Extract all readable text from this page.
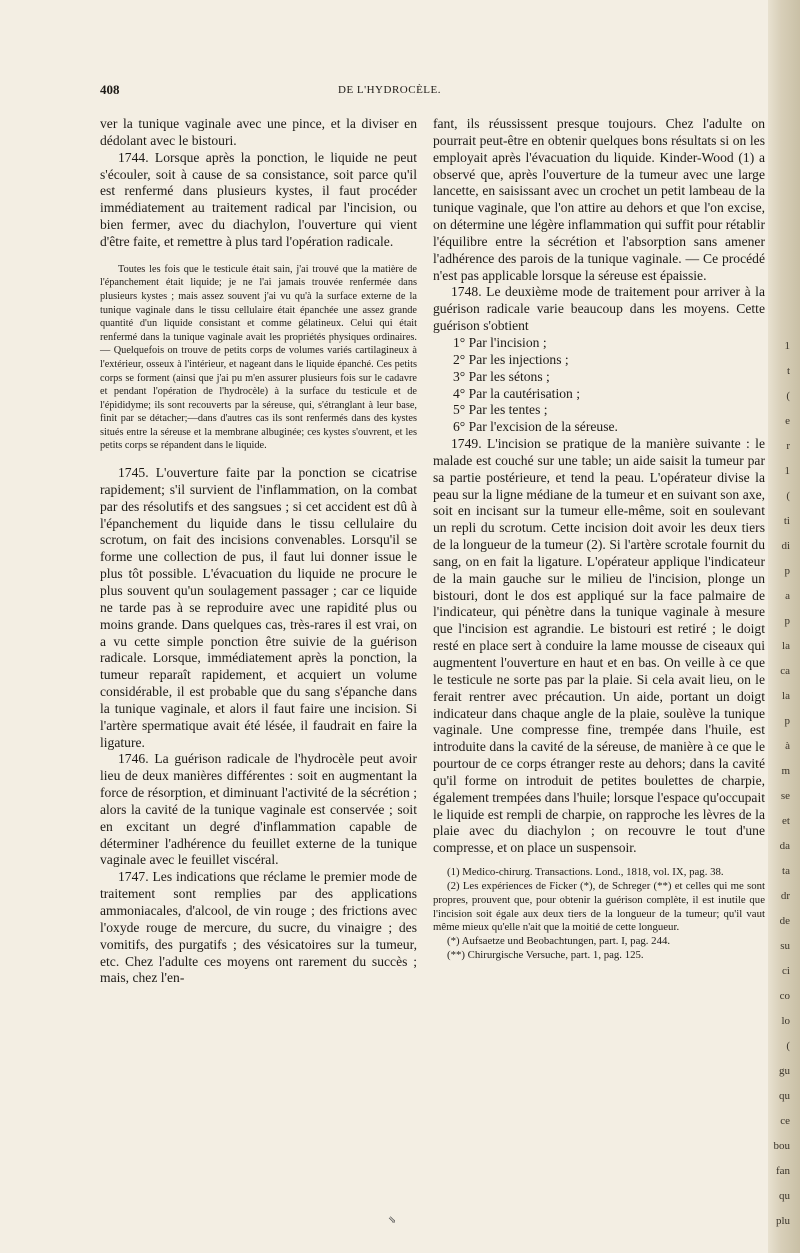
408	DE L'HYDROCÈLE.

ver la tunique vaginale avec une pince, et la diviser en dédolant avec le bistouri.

1744. Lorsque après la ponction, le liquide ne peut s'écouler, soit à cause de sa consistance, soit parce qu'il est renfermé dans plusieurs kystes, il faut procéder immédiatement au traitement radical par l'incision, ou bien fermer, avec du diachylon, l'ouverture qui vient d'être faite, et remettre à plus tard l'opération radicale.

Toutes les fois que le testicule était sain, j'ai trouvé que la matière de l'épanchement était liquide; je ne l'ai jamais trouvée renfermée dans plusieurs kystes ; mais assez souvent j'ai vu qu'à la surface externe de la tunique vaginale dans le tissu cellulaire était épanchée une assez grande quantité d'un liquide consistant et comme gélatineux. Celui qui était renfermé dans la tunique vaginale avait les propriétés physiques ordinaires. — Quelquefois on trouve de petits corps de volumes variés cartilagineux à l'extérieur, osseux à l'intérieur, et nageant dans le liquide épanché. Ces petits corps se forment (ainsi que j'ai pu m'en assurer plusieurs fois sur le cadavre et pendant l'opération de l'hydrocèle) à la surface du testicule et de l'épididyme; ils sont recouverts par la séreuse, qui, s'étranglant à leur base, finit par se détacher;—dans d'autres cas ils sont renfermés dans des kystes situés entre la séreuse et la membrane albuginée; ces kystes s'ouvrent, et les petits corps se répandent dans le liquide.

1745. L'ouverture faite par la ponction se cicatrise rapidement; s'il survient de l'inflammation, on la combat par des résolutifs et des sangsues ; si cet accident est dû à l'épanchement du liquide dans le tissu cellulaire du scrotum, on fait des incisions convenables. Lorsqu'il se forme une collection de pus, il faut lui donner issue le plus tôt possible. L'évacuation du liquide ne procure le plus souvent qu'un soulagement passager ; car ce liquide ne tarde pas à se reproduire avec une rapidité plus ou moins grande. Dans quelques cas, très-rares il est vrai, on a vu cette simple ponction être suivie de la guérison radicale. Lorsque, immédiatement après la ponction, la tumeur reparaît rapidement, et acquiert un volume considérable, il est probable que du sang s'épanche dans la tunique vaginale, et alors il faut faire une incision. Si l'artère spermatique avait été lésée, il faudrait en faire la ligature.

1746. La guérison radicale de l'hydrocèle peut avoir lieu de deux manières différentes : soit en augmentant la force de résorption, et diminuant l'activité de la sécrétion ; alors la cavité de la tunique vaginale est conservée ; soit en excitant un degré d'inflammation capable de déterminer l'adhérence du feuillet externe de la tunique vaginale avec le feuillet viscéral.

1747. Les indications que réclame le premier mode de traitement sont remplies par des applications ammoniacales, d'alcool, de vin rouge ; des frictions avec l'oxyde rouge de mercure, du sucre, du vinaigre ; des vomitifs, des purgatifs ; des vésicatoires sur la tumeur, etc. Chez l'adulte ces moyens ont rarement du succès ; mais, chez l'en-

fant, ils réussissent presque toujours. Chez l'adulte on pourrait peut-être en obtenir quelques bons résultats si on les employait après l'évacuation du liquide. Kinder-Wood (1) a observé que, après l'ouverture de la tumeur avec une large lancette, en saisissant avec un crochet un petit lambeau de la tunique vaginale, que l'on attire au dehors et que l'on excise, on détermine une légère inflammation qui suffit pour rétablir l'équilibre entre la sécrétion et l'absorption sans amener l'adhérence des parois de la tunique vaginale. — Ce procédé n'est pas applicable lorsque la séreuse est épaissie.

1748. Le deuxième mode de traitement pour arriver à la guérison radicale varie beaucoup dans les moyens. Cette guérison s'obtient

1° Par l'incision ;

2° Par les injections ;

3° Par les sétons ;

4° Par la cautérisation ;

5° Par les tentes ;

6° Par l'excision de la séreuse.

1749. L'incision se pratique de la manière suivante : le malade est couché sur une table; un aide saisit la tumeur par sa partie postérieure, et tend la peau. L'opérateur divise la peau sur la ligne médiane de la tumeur et en suivant son axe, soit en incisant sur la tumeur elle-même, soit en soulevant un repli du scrotum. Cette incision doit avoir les deux tiers de la longueur de la tumeur (2). Si l'artère scrotale fournit du sang, on en fait la ligature. L'opérateur applique l'indicateur de la main gauche sur le milieu de l'incision, plonge un bistouri, dont le dos est appliqué sur la face palmaire de l'indicateur, qui pénètre dans la tunique vaginale à mesure que l'incision est agrandie. Le bistouri est retiré ; le doigt resté en place sert à conduire la lame mousse de ciseaux qui augmentent l'ouverture en haut et en bas. On veille à ce que le testicule ne sorte pas par la plaie. Si cela avait lieu, on le ferait rentrer avec précaution. Un aide, portant un doigt indicateur dans chaque angle de la plaie, soulève la tunique vaginale. Une compresse fine, trempée dans l'huile, est introduite dans la cavité de la séreuse, de manière à ce que le pourtour de ce corps étranger reste au dehors; dans la cavité qu'il forme on introduit de petites boulettes de charpie, également trempées dans l'huile; lorsque l'espace qu'occupait le liquide est rempli de charpie, on rapproche les lèvres de la plaie avec du diachylon ; on recouvre le tout d'une compresse, et on place un suspensoir.

(1) Medico-chirurg. Transactions. Lond., 1818, vol. IX, pag. 38.

(2) Les expériences de Ficker (*), de Schreger (**) et celles qui me sont propres, prouvent que, pour obtenir la guérison complète, il est inutile que l'incision soit égale aux deux tiers de la longueur de la tumeur; qu'il vaut même mieux qu'elle n'ait que la moitié de cette longueur.

(*) Aufsaetze und Beobachtungen, part. I, pag. 244.

(**) Chirurgische Versuche, part. 1, pag. 125.

1
t
(
e
r
1
(
ti
di
p
a
p
la
ca
la
p
à
m
se
et
da
ta
dr
de
su
ci
co
lo
(
gu
qu
ce
bou
fan
qu
plu
⇘
